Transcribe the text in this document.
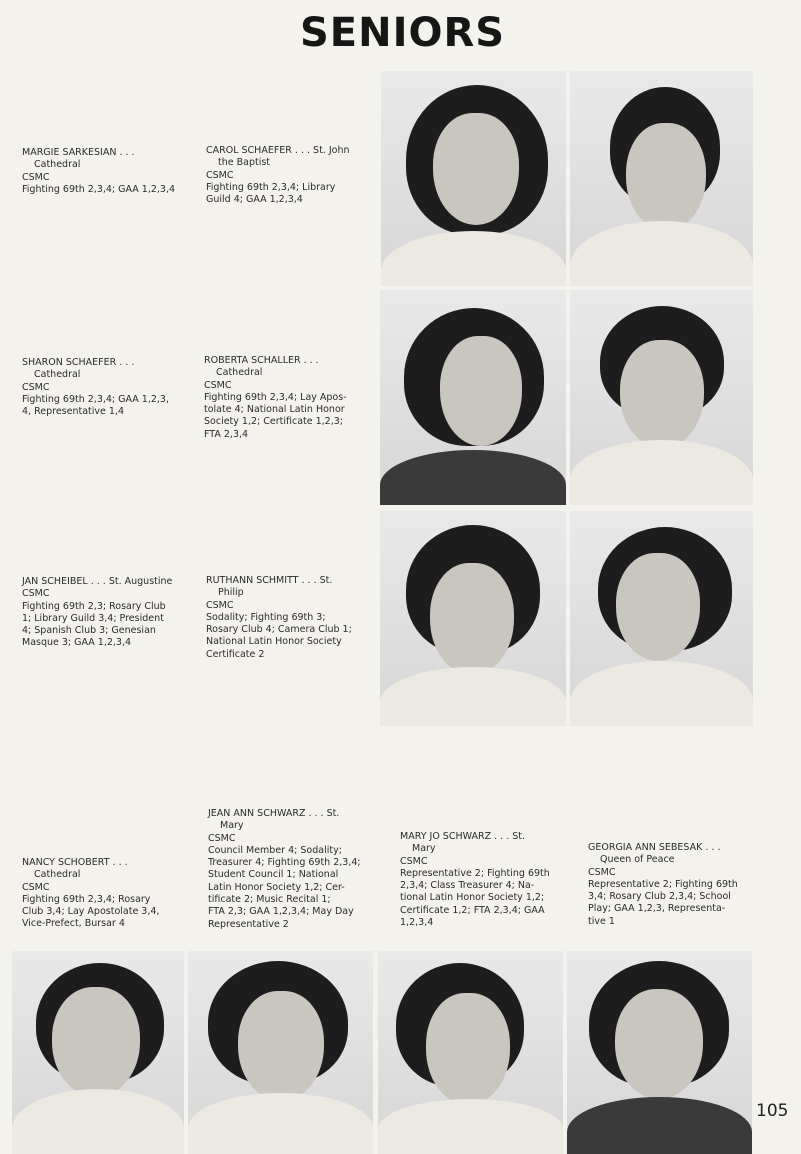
SENIORS
MARGIE SARKESIAN . . .
Cathedral
CSMC
Fighting 69th 2,3,4; GAA 1,2,3,4
CAROL SCHAEFER . . . St. John
the Baptist
CSMC
Fighting 69th 2,3,4; Library
Guild 4; GAA 1,2,3,4
SHARON SCHAEFER . . .
Cathedral
CSMC
Fighting 69th 2,3,4; GAA 1,2,3,
4, Representative 1,4
ROBERTA SCHALLER . . .
Cathedral
CSMC
Fighting 69th 2,3,4; Lay Apos-
tolate 4; National Latin Honor
Society 1,2; Certificate 1,2,3;
FTA 2,3,4
JAN SCHEIBEL . . . St. Augustine
CSMC
Fighting 69th 2,3; Rosary Club
1; Library Guild 3,4; President
4; Spanish Club 3; Genesian
Masque 3; GAA 1,2,3,4
RUTHANN SCHMITT . . . St.
Philip
CSMC
Sodality; Fighting 69th 3;
Rosary Club 4; Camera Club 1;
National Latin Honor Society
Certificate 2
NANCY SCHOBERT . . .
Cathedral
CSMC
Fighting 69th 2,3,4; Rosary
Club 3,4; Lay Apostolate 3,4,
Vice-Prefect, Bursar 4
JEAN ANN SCHWARZ . . . St.
Mary
CSMC
Council Member 4; Sodality;
Treasurer 4; Fighting 69th 2,3,4;
Student Council 1; National
Latin Honor Society 1,2; Cer-
tificate 2; Music Recital 1;
FTA 2,3; GAA 1,2,3,4; May Day
Representative 2
MARY JO SCHWARZ . . . St.
Mary
CSMC
Representative 2; Fighting 69th
2,3,4; Class Treasurer 4; Na-
tional Latin Honor Society 1,2;
Certificate 1,2; FTA 2,3,4; GAA
1,2,3,4
GEORGIA ANN SEBESAK . . .
Queen of Peace
CSMC
Representative 2; Fighting 69th
3,4; Rosary Club 2,3,4; School
Play; GAA 1,2,3, Representa-
tive 1
105
